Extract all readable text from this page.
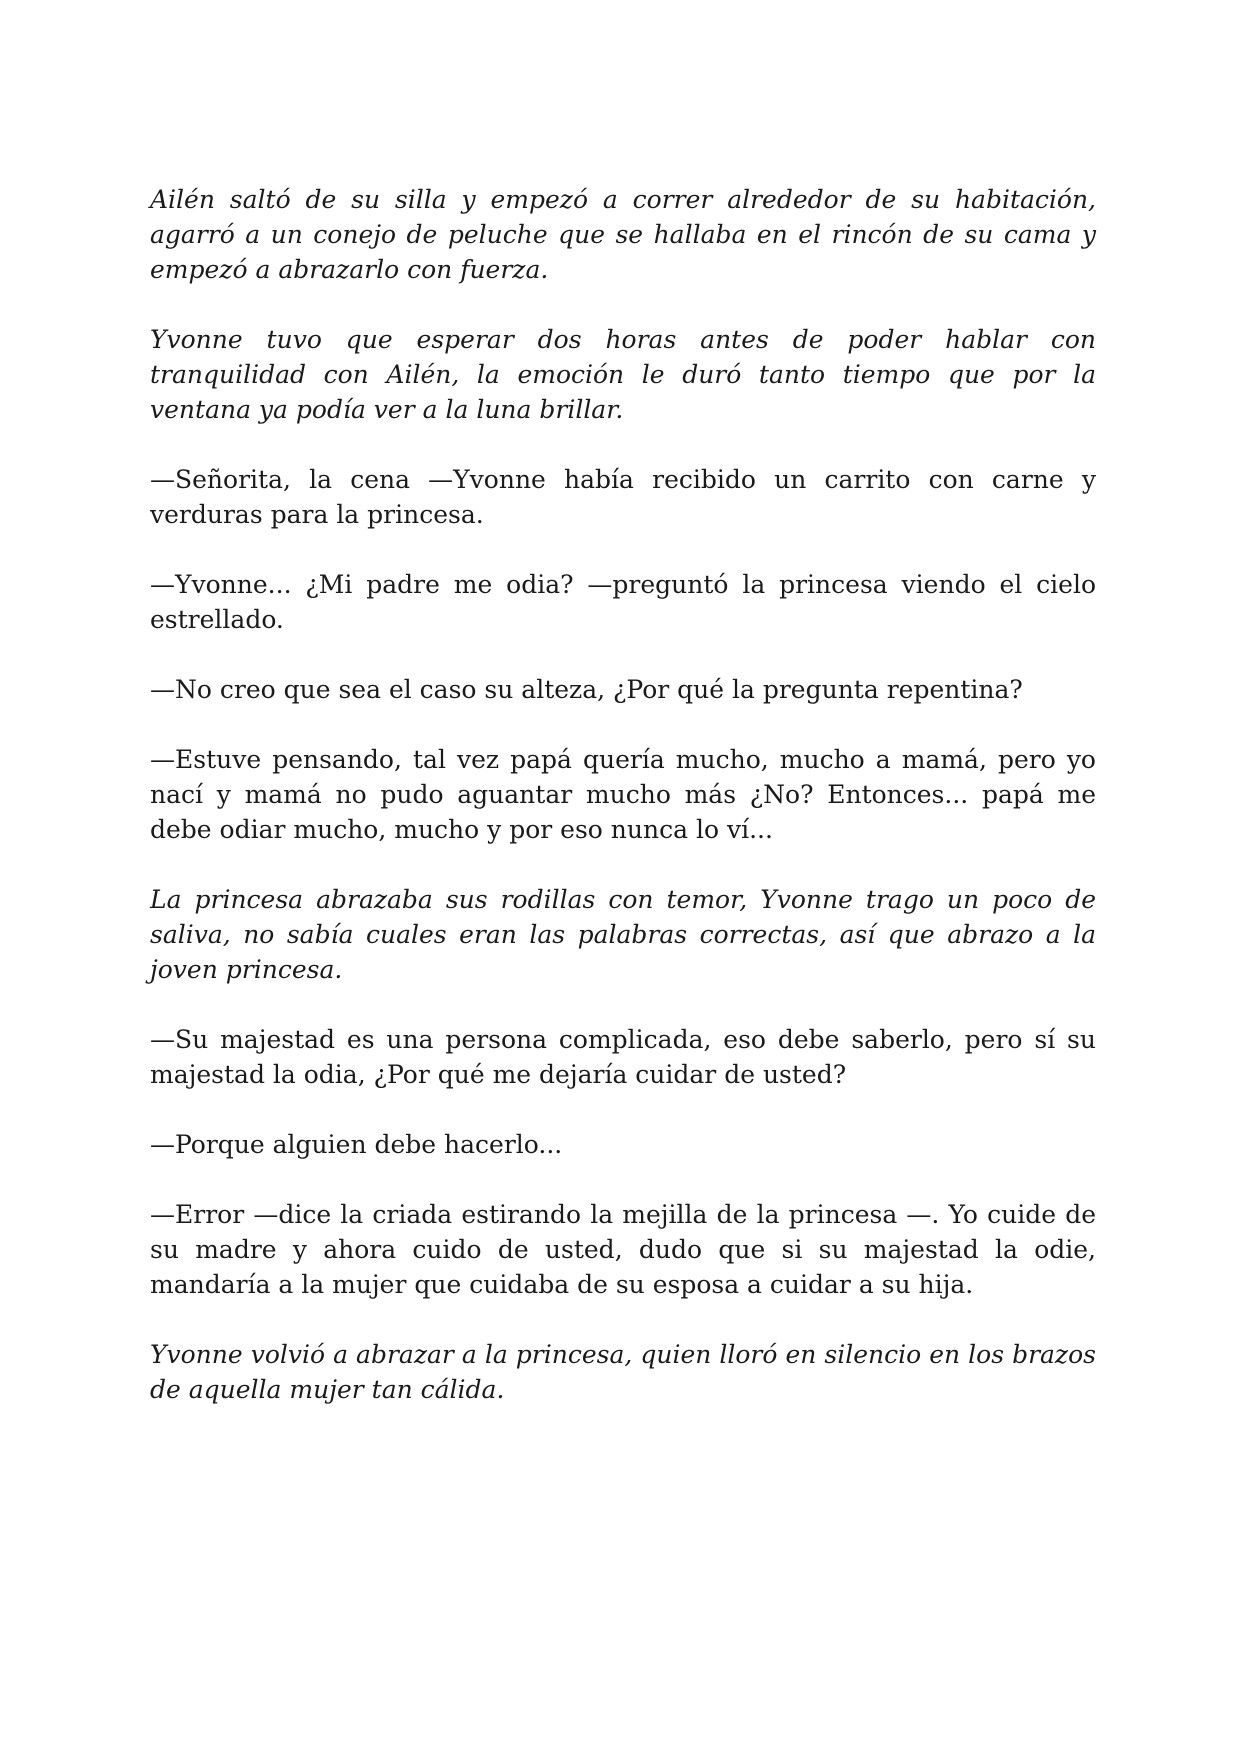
Ailén saltó de su silla y empezó a correr alrededor de su habitación, agarró a un conejo de peluche que se hallaba en el rincón de su cama y empezó a abrazarlo con fuerza.

Yvonne tuvo que esperar dos horas antes de poder hablar con tranquilidad con Ailén, la emoción le duró tanto tiempo que por la ventana ya podía ver a la luna brillar.

—Señorita, la cena —Yvonne había recibido un carrito con carne y verduras para la princesa.

—Yvonne... ¿Mi padre me odia? —preguntó la princesa viendo el cielo estrellado.

—No creo que sea el caso su alteza, ¿Por qué la pregunta repentina?

—Estuve pensando, tal vez papá quería mucho, mucho a mamá, pero yo nací y mamá no pudo aguantar mucho más ¿No? Entonces... papá me debe odiar mucho, mucho y por eso nunca lo ví...

La princesa abrazaba sus rodillas con temor, Yvonne trago un poco de saliva, no sabía cuales eran las palabras correctas, así que abrazo a la joven princesa.

—Su majestad es una persona complicada, eso debe saberlo, pero sí su majestad la odia, ¿Por qué me dejaría cuidar de usted?

—Porque alguien debe hacerlo...

—Error —dice la criada estirando la mejilla de la princesa —. Yo cuide de su madre y ahora cuido de usted, dudo que si su majestad la odie, mandaría a la mujer que cuidaba de su esposa a cuidar a su hija.

Yvonne volvió a abrazar a la princesa, quien lloró en silencio en los brazos de aquella mujer tan cálida.
